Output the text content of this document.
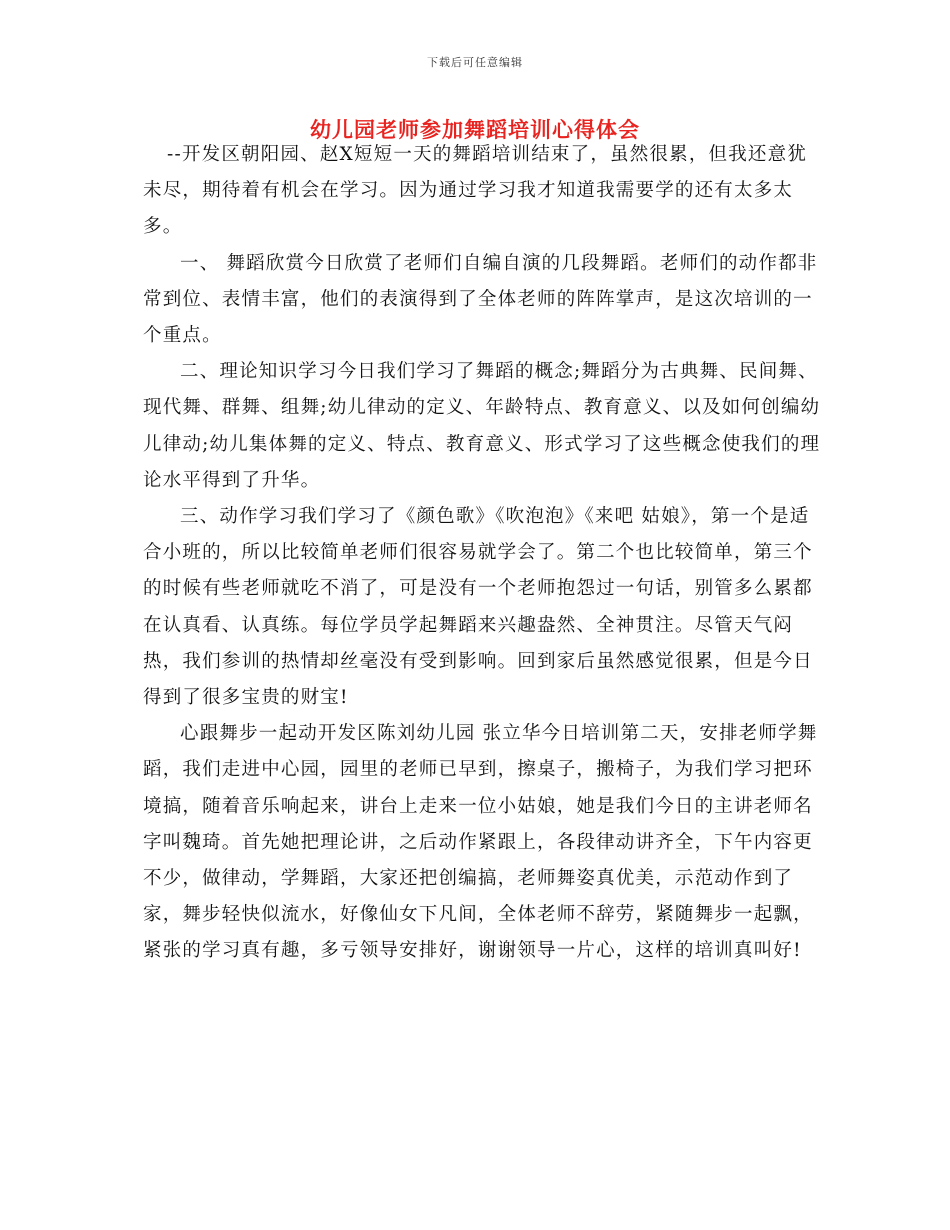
下载后可任意编辑
幼儿园老师参加舞蹈培训心得体会

--开发区朝阳园、赵X短短一天的舞蹈培训结束了，虽然很累，但我还意犹未尽，期待着有机会在学习。因为通过学习我才知道我需要学的还有太多太多。

一、 舞蹈欣赏今日欣赏了老师们自编自演的几段舞蹈。老师们的动作都非常到位、表情丰富，他们的表演得到了全体老师的阵阵掌声，是这次培训的一个重点。

二、理论知识学习今日我们学习了舞蹈的概念;舞蹈分为古典舞、民间舞、现代舞、群舞、组舞;幼儿律动的定义、年龄特点、教育意义、以及如何创编幼儿律动;幼儿集体舞的定义、特点、教育意义、形式学习了这些概念使我们的理论水平得到了升华。

三、动作学习我们学习了《颜色歌》《吹泡泡》《来吧 姑娘》，第一个是适合小班的，所以比较简单老师们很容易就学会了。第二个也比较简单，第三个的时候有些老师就吃不消了，可是没有一个老师抱怨过一句话，别管多么累都在认真看、认真练。每位学员学起舞蹈来兴趣盎然、全神贯注。尽管天气闷热，我们参训的热情却丝毫没有受到影响。回到家后虽然感觉很累，但是今日得到了很多宝贵的财宝!

心跟舞步一起动开发区陈刘幼儿园 张立华今日培训第二天，安排老师学舞蹈，我们走进中心园，园里的老师已早到，擦桌子，搬椅子，为我们学习把环境搞，随着音乐响起来，讲台上走来一位小姑娘，她是我们今日的主讲老师名字叫魏琦。首先她把理论讲，之后动作紧跟上，各段律动讲齐全，下午内容更不少，做律动，学舞蹈，大家还把创编搞，老师舞姿真优美，示范动作到了家，舞步轻快似流水，好像仙女下凡间，全体老师不辞劳，紧随舞步一起飘，紧张的学习真有趣，多亏领导安排好，谢谢领导一片心，这样的培训真叫好!
